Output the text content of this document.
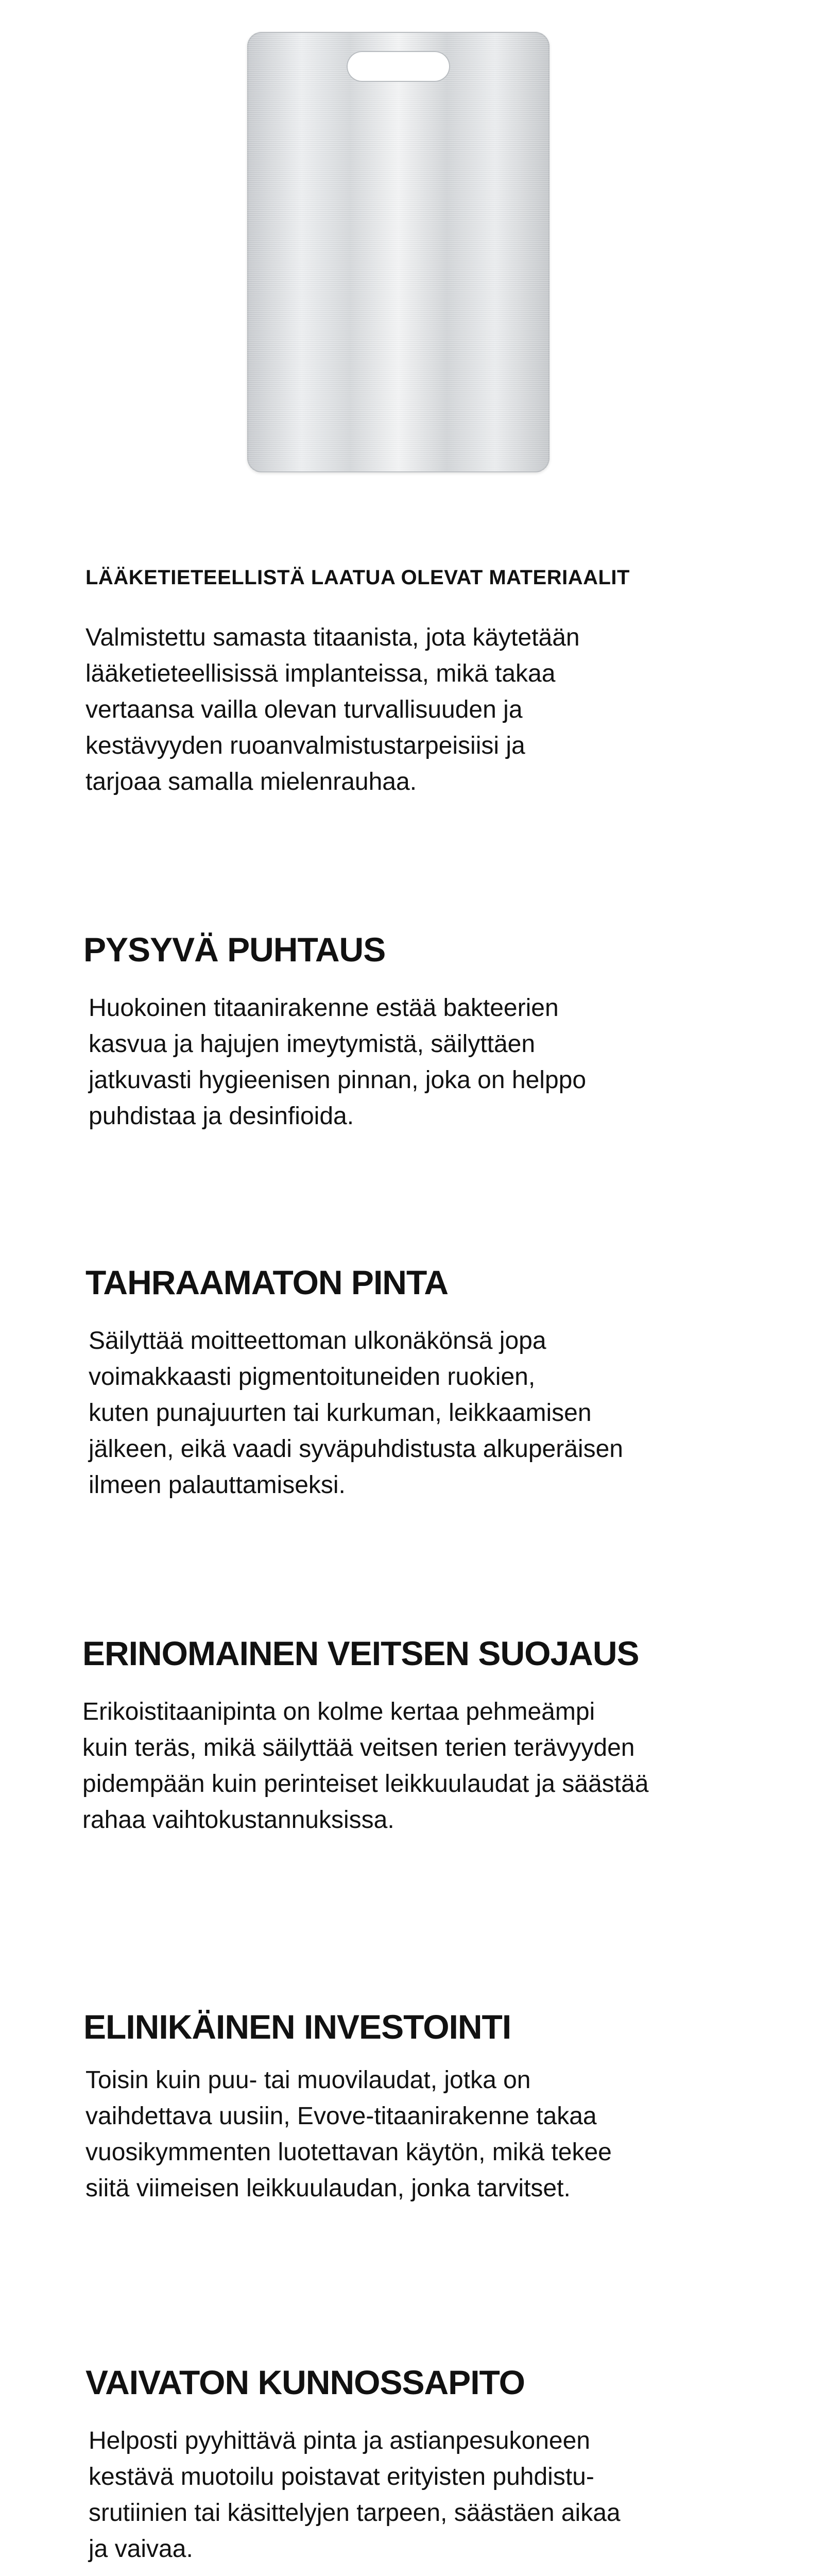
LÄÄKETIETEELLISTÄ LAATUA OLEVAT MATERIAALIT

Valmistettu samasta titaanista, jota käytetään
lääketieteellisissä implanteissa, mikä takaa
vertaansa vailla olevan turvallisuuden ja
kestävyyden ruoanvalmistustarpeisiisi ja
tarjoaa samalla mielenrauhaa.

PYSYVÄ PUHTAUS

Huokoinen titaanirakenne estää bakteerien
kasvua ja hajujen imeytymistä, säilyttäen
jatkuvasti hygieenisen pinnan, joka on helppo
puhdistaa ja desinfioida.

TAHRAAMATON PINTA

Säilyttää moitteettoman ulkonäkönsä jopa
voimakkaasti pigmentoituneiden ruokien,
kuten punajuurten tai kurkuman, leikkaamisen
jälkeen, eikä vaadi syväpuhdistusta alkuperäisen
ilmeen palauttamiseksi.

ERINOMAINEN VEITSEN SUOJAUS

Erikoistitaanipinta on kolme kertaa pehmeämpi
kuin teräs, mikä säilyttää veitsen terien terävyyden
pidempään kuin perinteiset leikkuulaudat ja säästää
rahaa vaihtokustannuksissa.

ELINIKÄINEN INVESTOINTI

Toisin kuin puu- tai muovilaudat, jotka on
vaihdettava uusiin, Evove-titaanirakenne takaa
vuosikymmenten luotettavan käytön, mikä tekee
siitä viimeisen leikkuulaudan, jonka tarvitset.

VAIVATON KUNNOSSAPITO

Helposti pyyhittävä pinta ja astianpesukoneen
kestävä muotoilu poistavat erityisten puhdistu-
srutiinien tai käsittelyjen tarpeen, säästäen aikaa
ja vaivaa.
